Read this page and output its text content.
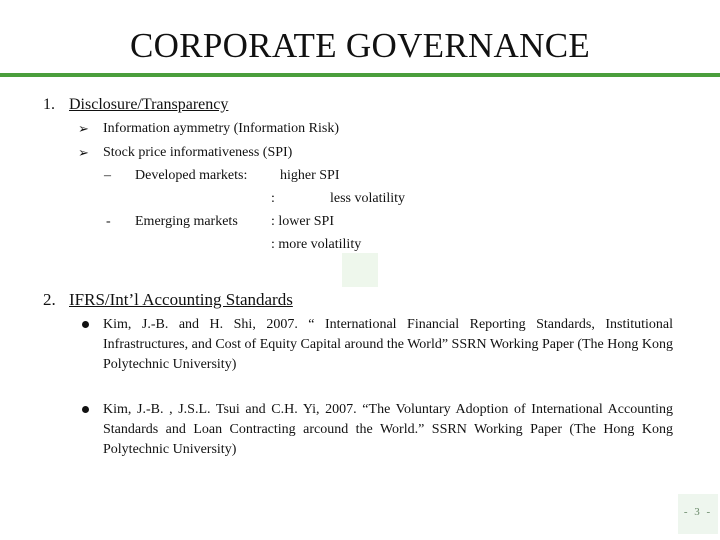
CORPORATE GOVERNANCE
1. Disclosure/Transparency
➢ Information aymmetry (Information Risk)
➢ Stock price informativeness (SPI)
– Developed markets: higher SPI
:	less volatility
- Emerging markets : lower SPI
: more volatility
2. IFRS/Int’l Accounting Standards
Kim, J.-B. and H. Shi, 2007. “ International Financial Reporting Standards, Institutional Infrastructures, and Cost of Equity Capital around the World” SSRN Working Paper (The Hong Kong Polytechnic University)
Kim, J.-B. , J.S.L. Tsui and C.H. Yi, 2007. “The Voluntary Adoption of International Accounting Standards and Loan Contracting arcound the World.” SSRN Working Paper (The Hong Kong Polytechnic University)
- 3 -
